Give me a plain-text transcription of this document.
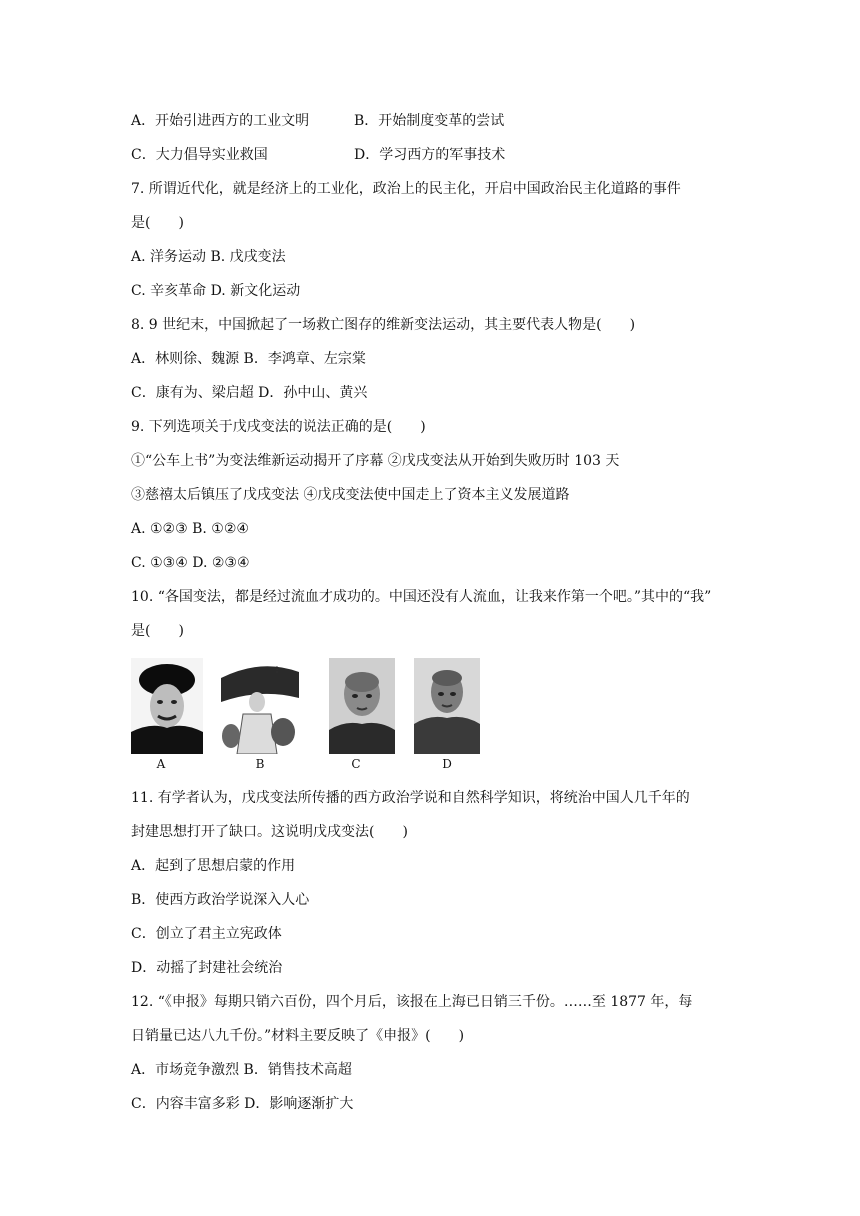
A．开始引进西方的工业文明	B．开始制度变革的尝试
C．大力倡导实业救国	D．学习西方的军事技术
7. 所谓近代化，就是经济上的工业化，政治上的民主化，开启中国政治民主化道路的事件
是(　　)
A. 洋务运动 B. 戊戌变法
C. 辛亥革命 D. 新文化运动
8. 9 世纪末，中国掀起了一场救亡图存的维新变法运动，其主要代表人物是(　　)
A．林则徐、魏源 B．李鸿章、左宗棠
C．康有为、梁启超 D．孙中山、黄兴
9. 下列选项关于戊戌变法的说法正确的是(　　)
①“公车上书”为变法维新运动揭开了序幕 ②戊戌变法从开始到失败历时 103 天
③慈禧太后镇压了戊戌变法 ④戊戌变法使中国走上了资本主义发展道路
A. ①②③ B. ①②④
C. ①③④ D. ②③④
10. “各国变法，都是经过流血才成功的。中国还没有人流血，让我来作第一个吧。”其中的“我”
是(　　)
⋮
A	B	C	D
11. 有学者认为，戊戌变法所传播的西方政治学说和自然科学知识，将统治中国人几千年的
封建思想打开了缺口。这说明戊戌变法(　　)
A．起到了思想启蒙的作用
B．使西方政治学说深入人心
C．创立了君主立宪政体
D．动摇了封建社会统治
12. “《申报》每期只销六百份，四个月后，该报在上海已日销三千份。……至 1877 年，每
日销量已达八九千份。”材料主要反映了《申报》(　　)
A．市场竞争激烈 B．销售技术高超
C．内容丰富多彩 D．影响逐渐扩大
